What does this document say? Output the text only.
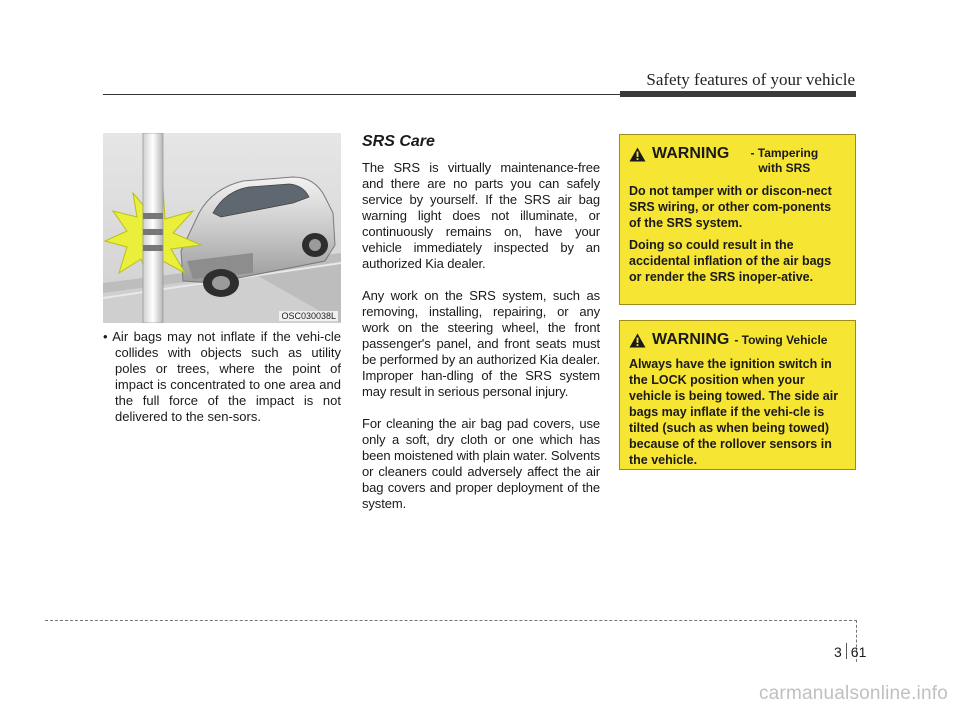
Safety features of your vehicle
OSC030038L
• Air bags may not inflate if the vehi-cle collides with objects such as utility poles or trees, where the point of impact is concentrated to one area and the full force of the impact is not delivered to the sen-sors.
SRS Care

The SRS is virtually maintenance-free and there are no parts you can safely service by yourself. If the SRS air bag warning light does not illuminate, or continuously remains on, have your vehicle immediately inspected by an authorized Kia dealer.

Any work on the SRS system, such as removing, installing, repairing, or any work on the steering wheel, the front passenger's panel, and front seats must be performed by an authorized Kia dealer. Improper han-dling of the SRS system may result in serious personal injury.

For cleaning the air bag pad covers, use only a soft, dry cloth or one which has been moistened with plain water. Solvents or cleaners could adversely affect the air bag covers and proper deployment of the system.

WARNING	- Tampering
with SRS

Do not tamper with or discon-nect SRS wiring, or other com-ponents of the SRS system.

Doing so could result in the accidental inflation of the air bags or render the SRS inoper-ative.

WARNING - Towing Vehicle

Always have the ignition switch in the LOCK position when your vehicle is being towed. The side air bags may inflate if the vehi-cle is tilted (such as when being towed) because of the rollover sensors in the vehicle.

3 61
carmanualsonline.info
